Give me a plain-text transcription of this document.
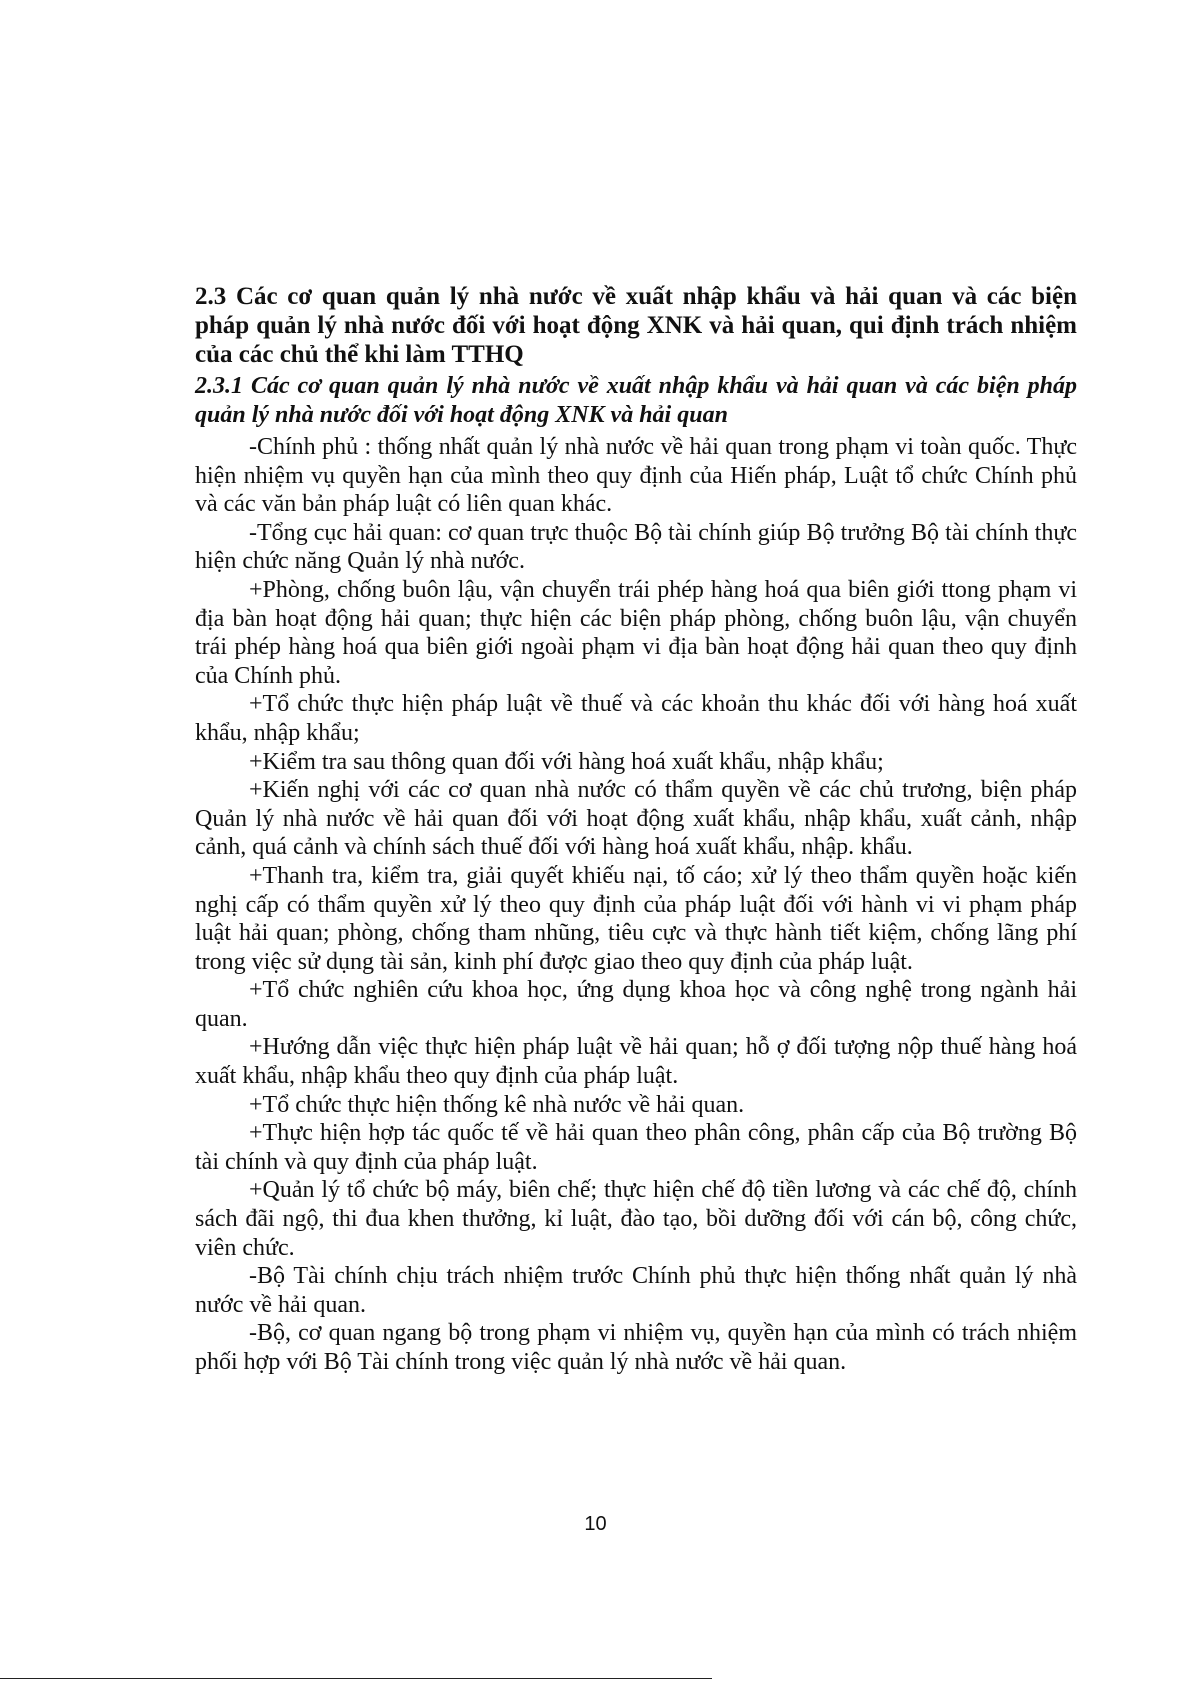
2.3 Các cơ quan quản lý nhà nước về xuất nhập khẩu và hải quan và các biện pháp quản lý nhà nước đối với hoạt động XNK và hải quan, qui định trách nhiệm của các chủ thể khi làm TTHQ
2.3.1 Các cơ quan quản lý nhà nước về xuất nhập khẩu và hải quan và các biện pháp quản lý nhà nước đối với hoạt động XNK và hải quan

-Chính phủ : thống nhất quản lý nhà nước về hải quan trong phạm vi toàn quốc. Thực hiện nhiệm vụ quyền hạn của mình theo quy định của Hiến pháp, Luật tổ chức Chính phủ và các văn bản pháp luật có liên quan khác.

-Tổng cục hải quan: cơ quan trực thuộc Bộ tài chính giúp Bộ trưởng Bộ tài chính thực hiện chức năng Quản lý nhà nước.

+Phòng, chống buôn lậu, vận chuyển trái phép hàng hoá qua biên giới ttong phạm vi địa bàn hoạt động hải quan; thực hiện các biện pháp phòng, chống buôn lậu, vận chuyển trái phép hàng hoá qua biên giới ngoài phạm vi địa bàn hoạt động hải quan theo quy định của Chính phủ.

+Tổ chức thực hiện pháp luật về thuế và các khoản thu khác đối với hàng hoá xuất khẩu, nhập khẩu;

+Kiểm tra sau thông quan đối với hàng hoá xuất khẩu, nhập khẩu;

+Kiến nghị với các cơ quan nhà nước có thẩm quyền về các chủ trương, biện pháp Quản lý nhà nước về hải quan đối với hoạt động xuất khẩu, nhập khẩu, xuất cảnh, nhập cảnh, quá cảnh và chính sách thuế đối với hàng hoá xuất khẩu, nhập. khẩu.

+Thanh tra, kiểm tra, giải quyết khiếu nại, tố cáo; xử lý theo thẩm quyền hoặc kiến nghị cấp có thẩm quyền xử lý theo quy định của pháp luật đối với hành vi vi phạm pháp luật hải quan; phòng, chống tham nhũng, tiêu cực và thực hành tiết kiệm, chống lãng phí trong việc sử dụng tài sản, kinh phí được giao theo quy định của pháp luật.

+Tổ chức nghiên cứu khoa học, ứng dụng khoa học và công nghệ trong ngành hải quan.

+Hướng dẫn việc thực hiện pháp luật về hải quan; hỗ ợ đối tượng nộp thuế hàng hoá xuất khẩu, nhập khẩu theo quy định của pháp luật.

+Tổ chức thực hiện thống kê nhà nước về hải quan.

+Thực hiện hợp tác quốc tế về hải quan theo phân công, phân cấp của Bộ trường Bộ tài chính và quy định của pháp luật.

+Quản lý tổ chức bộ máy, biên chế; thực hiện chế độ tiền lương và các chế độ, chính sách đãi ngộ, thi đua khen thưởng, kỉ luật, đào tạo, bồi dưỡng đối với cán bộ, công chức, viên chức.

-Bộ Tài chính chịu trách nhiệm trước Chính phủ thực hiện thống nhất quản lý nhà nước về hải quan.

-Bộ, cơ quan ngang bộ trong phạm vi nhiệm vụ, quyền hạn của mình có trách nhiệm phối hợp với Bộ Tài chính trong việc quản lý nhà nước về hải quan.

10
